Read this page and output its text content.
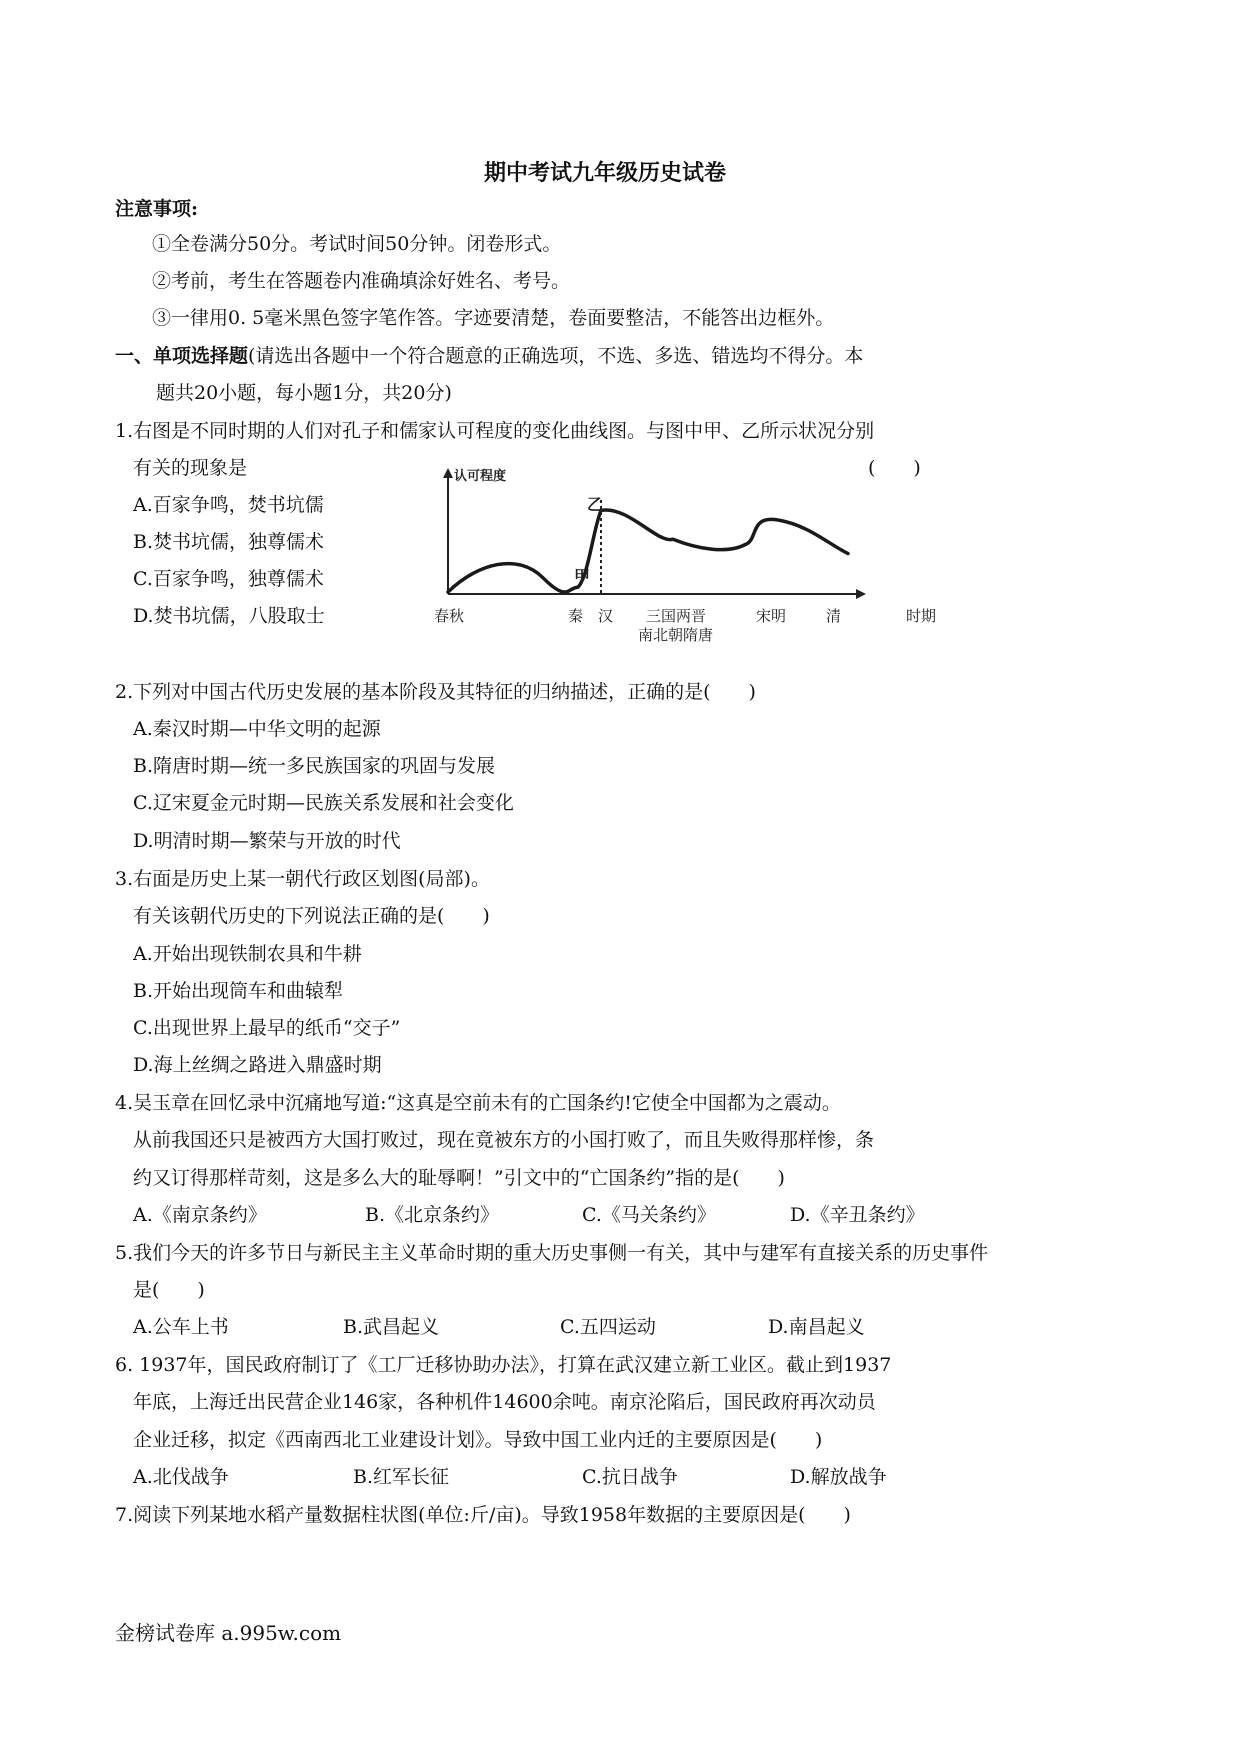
期中考试九年级历史试卷
注意事项:
①全卷满分50分。考试时间50分钟。闭卷形式。
②考前，考生在答题卷内准确填涂好姓名、考号。
③一律用0. 5毫米黑色签字笔作答。字迹要清楚，卷面要整洁，不能答出边框外。
一、单项选择题(请选出各题中一个符合题意的正确选项，不选、多选、错选均不得分。本
题共20小题，每小题1分，共20分)
1.右图是不同时期的人们对孔子和儒家认可程度的变化曲线图。与图中甲、乙所示状况分别
有关的现象是	(　　)
A.百家争鸣，焚书坑儒
B.焚书坑儒，独尊儒术
C.百家争鸣，独尊儒术
D.焚书坑儒，八股取士
认可程度
时期
甲
乙
春秋	秦 汉 三国两晋
南北朝隋唐
宋明	清
2.下列对中国古代历史发展的基本阶段及其特征的归纳描述，正确的是(　　)
A.秦汉时期—中华文明的起源
B.隋唐时期—统一多民族国家的巩固与发展
C.辽宋夏金元时期—民族关系发展和社会变化
D.明清时期—繁荣与开放的时代
3.右面是历史上某一朝代行政区划图(局部)。
有关该朝代历史的下列说法正确的是(　　)
A.开始出现铁制农具和牛耕
B.开始出现筒车和曲辕犁
C.出现世界上最早的纸币“交子”
D.海上丝绸之路进入鼎盛时期
4.吴玉章在回忆录中沉痛地写道:“这真是空前未有的亡国条约!它使全中国都为之震动。
从前我国还只是被西方大国打败过，现在竟被东方的小国打败了，而且失败得那样惨，条
约又订得那样苛刻，这是多么大的耻辱啊！”引文中的“亡国条约”指的是(　　)
A.《南京条约》	B.《北京条约》	C.《马关条约》	D.《辛丑条约》
5.我们今天的许多节日与新民主主义革命时期的重大历史事侧一有关，其中与建军有直接关系的历史事件
是(　　)
A.公车上书	B.武昌起义	C.五四运动	D.南昌起义
6. 1937年，国民政府制订了《工厂迁移协助办法》，打算在武汉建立新工业区。截止到1937
年底，上海迁出民营企业146家，各种机件14600余吨。南京沦陷后，国民政府再次动员
企业迁移，拟定《西南西北工业建设计划》。导致中国工业内迁的主要原因是(　　)
A.北伐战争	B.红军长征	C.抗日战争	D.解放战争
7.阅读下列某地水稻产量数据柱状图(单位:斤/亩)。导致1958年数据的主要原因是(　　)
金榜试卷库 a.995w.com
